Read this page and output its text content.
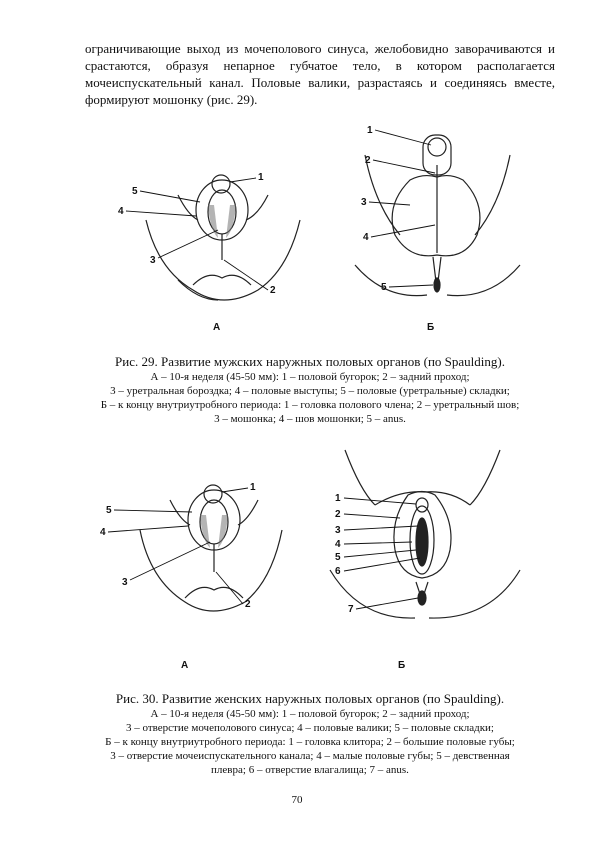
ограничивающие выход из мочеполового синуса, желобовидно заворачиваются и срастаются, образуя непарное губчатое тело, в котором располагается мочеиспускательный канал. Половые валики, разрастаясь и соединяясь вместе, формируют мошонку (рис. 29).

1
5
4
3
2
А
1
2
3
4
5
Б
Рис. 29. Развитие мужских наружных половых органов (по Spaulding).
А – 10-я неделя (45-50 мм): 1 – половой бугорок; 2 – задний проход;
3 – уретральная бороздка; 4 – половые выступы; 5 – половые (уретральные) складки;
Б – к концу внутриутробного периода: 1 – головка полового члена; 2 – уретральный шов;
3 – мошонка; 4 – шов мошонки; 5 – anus.
1
5
4
3
2
А
1
2
3
4
5
6
7
Б
Рис. 30. Развитие женских наружных половых органов (по Spaulding).
А – 10-я неделя (45-50 мм): 1 – половой бугорок; 2 – задний проход;
3 – отверстие мочеполового синуса; 4 – половые валики; 5 – половые складки;
Б – к концу внутриутробного периода: 1 – головка клитора; 2 – большие половые губы;
3 – отверстие мочеиспускательного канала; 4 – малые половые губы; 5 – девственная
плевра; 6 – отверстие влагалища; 7 – anus.
70
